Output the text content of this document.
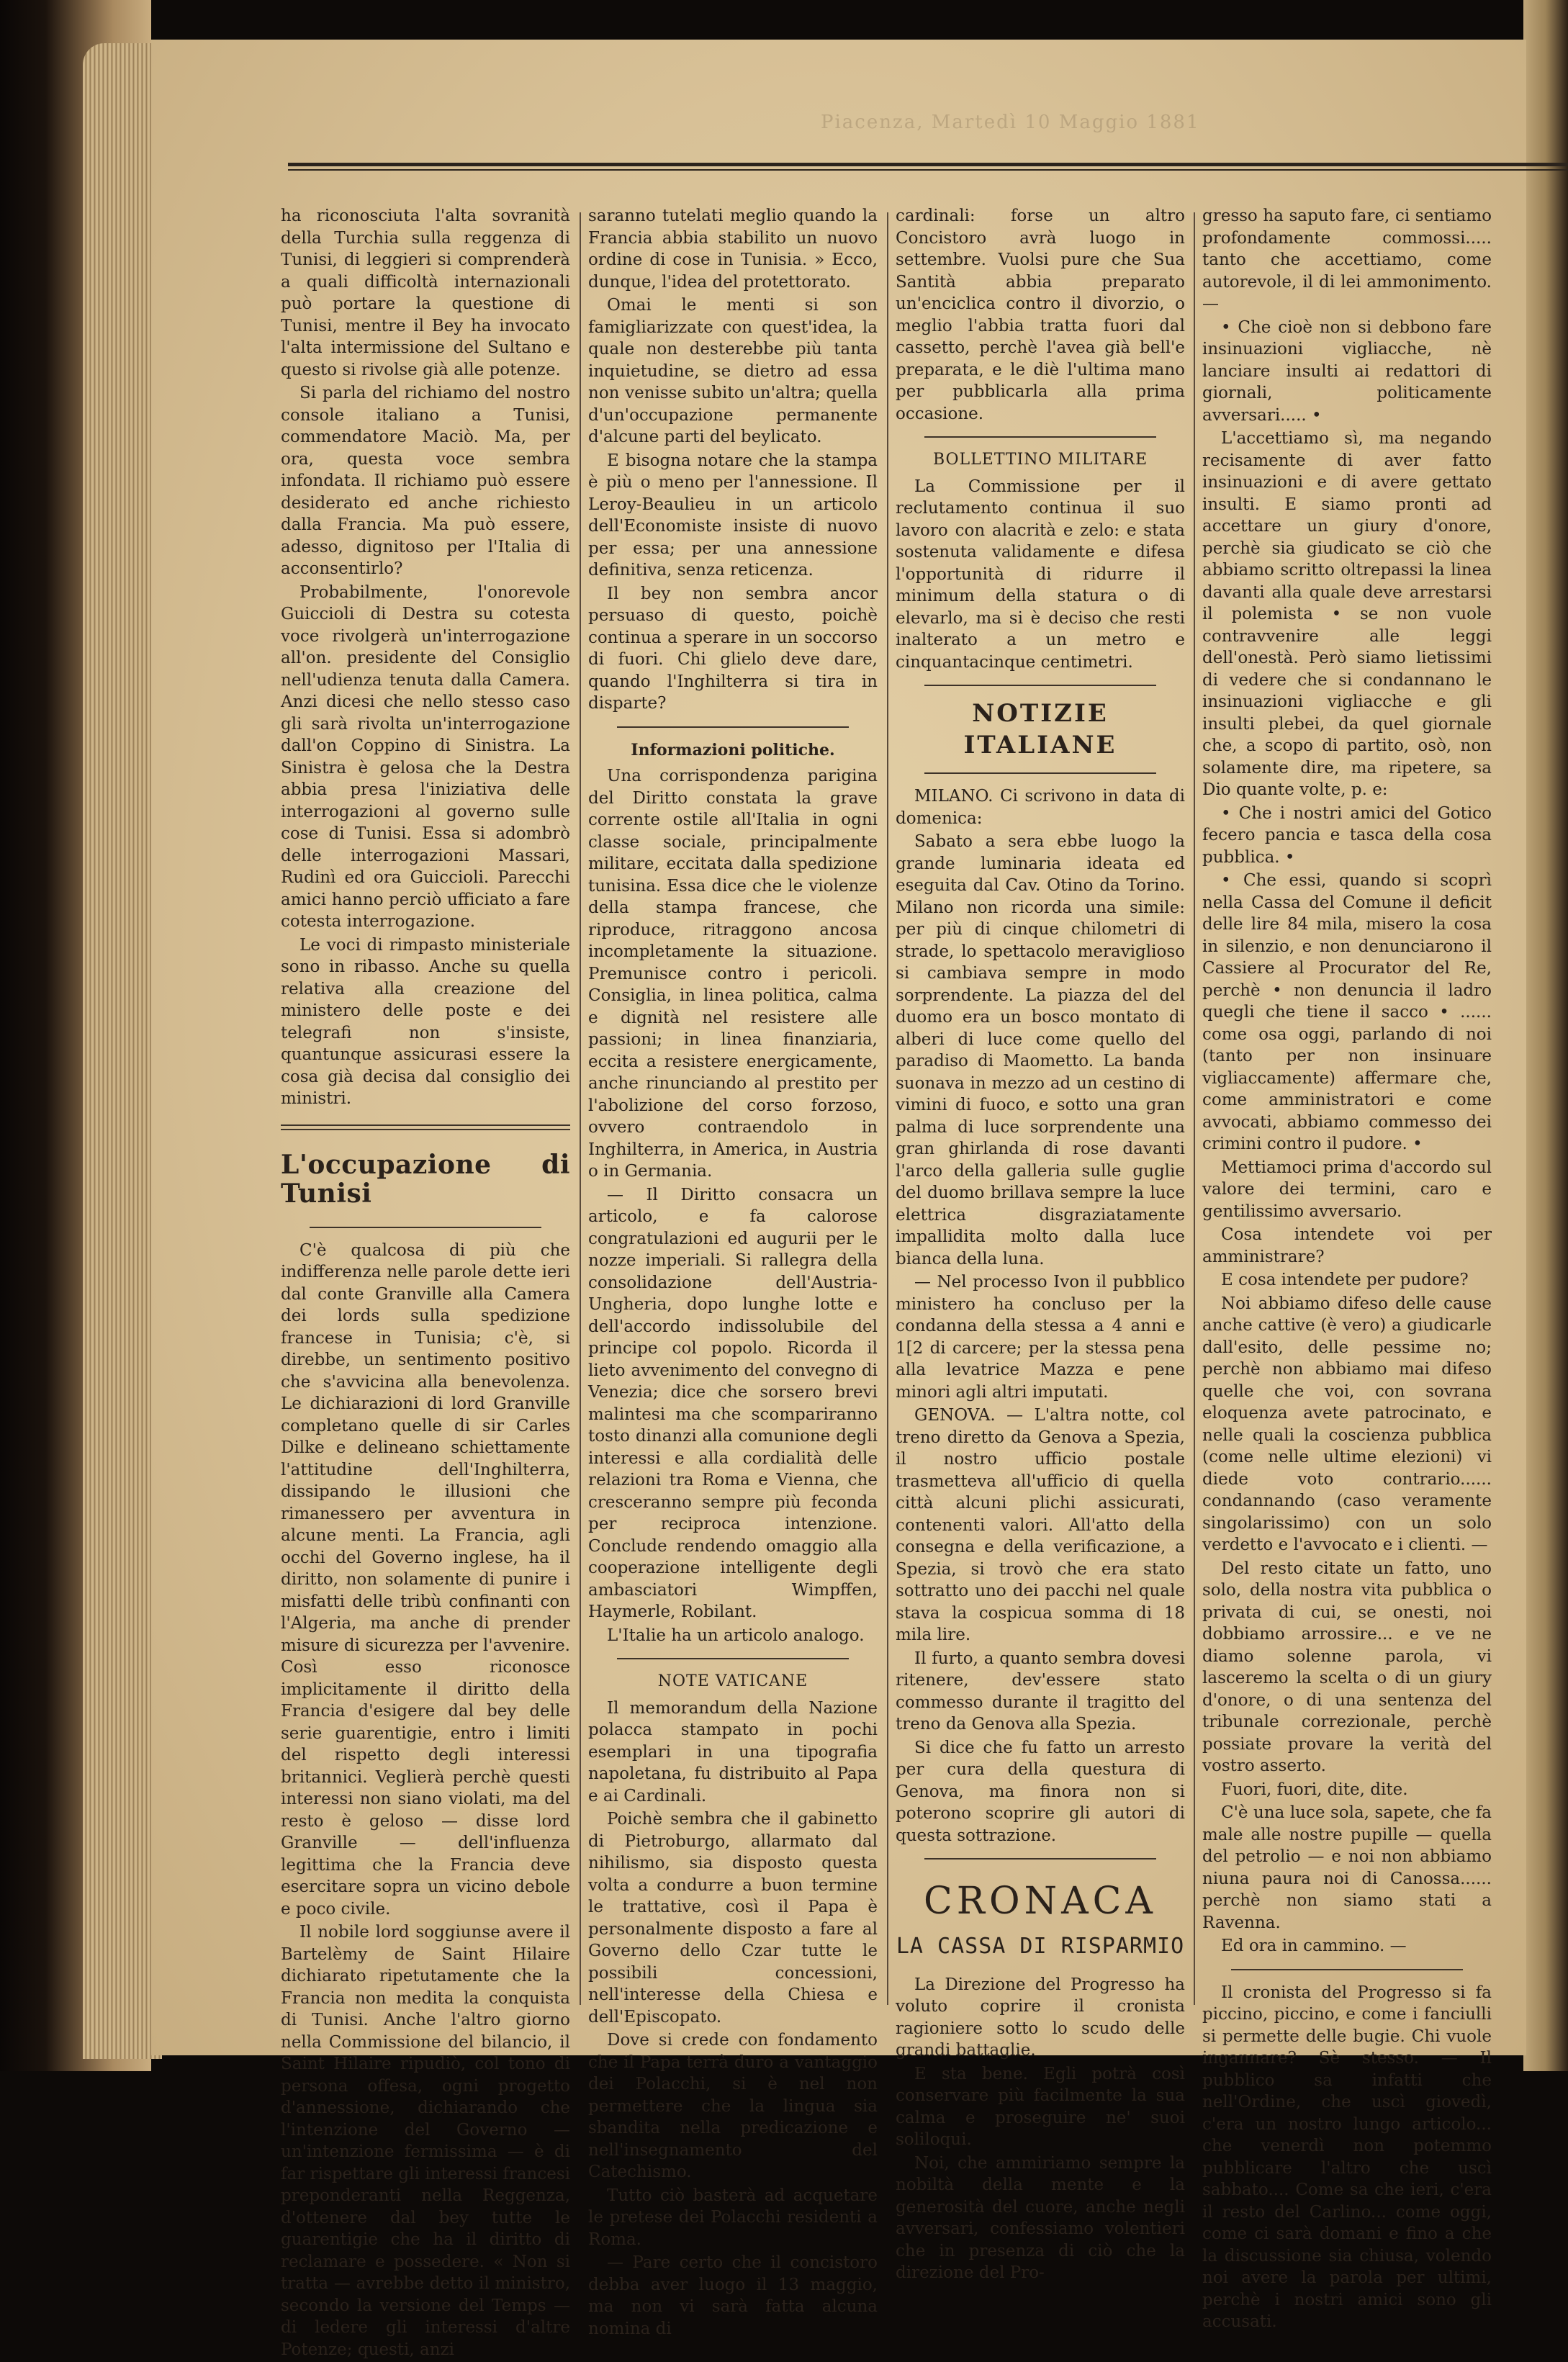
Piacenza, Martedì 10 Maggio 1881

ha riconosciuta l'alta sovranità della Turchia sulla reggenza di Tunisi, di leggieri si comprenderà a quali difficoltà internazionali può portare la questione di Tunisi, mentre il Bey ha invocato l'alta intermissione del Sultano e questo si rivolse già alle potenze.

Si parla del richiamo del nostro console italiano a Tunisi, commendatore Maciò. Ma, per ora, questa voce sembra infondata. Il richiamo può essere desiderato ed anche richiesto dalla Francia. Ma può essere, adesso, dignitoso per l'Italia di acconsentirlo?

Probabilmente, l'onorevole Guiccioli di Destra su cotesta voce rivolgerà un'interrogazione all'on. presidente del Consiglio nell'udienza tenuta dalla Camera. Anzi dicesi che nello stesso caso gli sarà rivolta un'interrogazione dall'on Coppino di Sinistra. La Sinistra è gelosa che la Destra abbia presa l'iniziativa delle interrogazioni al governo sulle cose di Tunisi. Essa si adombrò delle interrogazioni Massari, Rudinì ed ora Guiccioli. Parecchi amici hanno perciò ufficiato a fare cotesta interrogazione.

Le voci di rimpasto ministeriale sono in ribasso. Anche su quella relativa alla creazione del ministero delle poste e dei telegrafi non s'insiste, quantunque assicurasi essere la cosa già decisa dal consiglio dei ministri.

L'occupazione di Tunisi

C'è qualcosa di più che indifferenza nelle parole dette ieri dal conte Granville alla Camera dei lords sulla spedizione francese in Tunisia; c'è, si direbbe, un sentimento positivo che s'avvicina alla benevolenza. Le dichiarazioni di lord Granville completano quelle di sir Carles Dilke e delineano schiettamente l'attitudine dell'Inghilterra, dissipando le illusioni che rimanessero per avventura in alcune menti. La Francia, agli occhi del Governo inglese, ha il diritto, non solamente di punire i misfatti delle tribù confinanti con l'Algeria, ma anche di prender misure di sicurezza per l'avvenire. Così esso riconosce implicitamente il diritto della Francia d'esigere dal bey delle serie guarentigie, entro i limiti del rispetto degli interessi britannici. Veglierà perchè questi interessi non siano violati, ma del resto è geloso — disse lord Granville — dell'influenza legittima che la Francia deve esercitare sopra un vicino debole e poco civile.

Il nobile lord soggiunse avere il Bartelèmy de Saint Hilaire dichiarato ripetutamente che la Francia non medita la conquista di Tunisi. Anche l'altro giorno nella Commissione del bilancio, il Saint Hilaire ripudiò, col tono di persona offesa, ogni progetto d'annessione, dichiarando che l'intenzione del Governo — un'intenzione fermissima — è di far rispettare gli interessi francesi preponderanti nella Reggenza, d'ottenere dal bey tutte le guarentigie che ha il diritto di reclamare e possedere. « Non si tratta — avrebbe detto il ministro, secondo la versione del Temps — di ledere gli interessi d'altre Potenze; questi, anzi

saranno tutelati meglio quando la Francia abbia stabilito un nuovo ordine di cose in Tunisia. » Ecco, dunque, l'idea del protettorato.

Omai le menti si son famigliarizzate con quest'idea, la quale non desterebbe più tanta inquietudine, se dietro ad essa non venisse subito un'altra; quella d'un'occupazione permanente d'alcune parti del beylicato.

E bisogna notare che la stampa è più o meno per l'annessione. Il Leroy-Beaulieu in un articolo dell'Economiste insiste di nuovo per essa; per una annessione definitiva, senza reticenza.

Il bey non sembra ancor persuaso di questo, poichè continua a sperare in un soccorso di fuori. Chi glielo deve dare, quando l'Inghilterra si tira in disparte?

Informazioni politiche.

Una corrispondenza parigina del Diritto constata la grave corrente ostile all'Italia in ogni classe sociale, principalmente militare, eccitata dalla spedizione tunisina. Essa dice che le violenze della stampa francese, che riproduce, ritraggono ancosa incompletamente la situazione. Premunisce contro i pericoli. Consiglia, in linea politica, calma e dignità nel resistere alle passioni; in linea finanziaria, eccita a resistere energicamente, anche rinunciando al prestito per l'abolizione del corso forzoso, ovvero contraendolo in Inghilterra, in America, in Austria o in Germania.

— Il Diritto consacra un articolo, e fa calorose congratulazioni ed augurii per le nozze imperiali. Si rallegra della consolidazione dell'Austria-Ungheria, dopo lunghe lotte e dell'accordo indissolubile del principe col popolo. Ricorda il lieto avvenimento del convegno di Venezia; dice che sorsero brevi malintesi ma che scompariranno tosto dinanzi alla comunione degli interessi e alla cordialità delle relazioni tra Roma e Vienna, che cresceranno sempre più feconda per reciproca intenzione. Conclude rendendo omaggio alla cooperazione intelligente degli ambasciatori Wimpffen, Haymerle, Robilant.

L'Italie ha un articolo analogo.

NOTE VATICANE

Il memorandum della Nazione polacca stampato in pochi esemplari in una tipografia napoletana, fu distribuito al Papa e ai Cardinali.

Poichè sembra che il gabinetto di Pietroburgo, allarmato dal nihilismo, sia disposto questa volta a condurre a buon termine le trattative, così il Papa è personalmente disposto a fare al Governo dello Czar tutte le possibili concessioni, nell'interesse della Chiesa e dell'Episcopato.

Dove si crede con fondamento che il Papa terrà duro a vantaggio dei Polacchi, si è nel non permettere che la lingua sia sbandita nella predicazione e nell'insegnamento del Catechismo.

Tutto ciò basterà ad acquetare le pretese dei Polacchi residenti a Roma.

— Pare certo che il concistoro debba aver luogo il 13 maggio, ma non vi sarà fatta alcuna nomina di

cardinali: forse un altro Concistoro avrà luogo in settembre. Vuolsi pure che Sua Santità abbia preparato un'enciclica contro il divorzio, o meglio l'abbia tratta fuori dal cassetto, perchè l'avea già bell'e preparata, e le diè l'ultima mano per pubblicarla alla prima occasione.

BOLLETTINO MILITARE

La Commissione per il reclutamento continua il suo lavoro con alacrità e zelo: e stata sostenuta validamente e difesa l'opportunità di ridurre il minimum della statura o di elevarlo, ma si è deciso che resti inalterato a un metro e cinquantacinque centimetri.

NOTIZIE ITALIANE

MILANO. Ci scrivono in data di domenica:

Sabato a sera ebbe luogo la grande luminaria ideata ed eseguita dal Cav. Otino da Torino. Milano non ricorda una simile: per più di cinque chilometri di strade, lo spettacolo meraviglioso si cambiava sempre in modo sorprendente. La piazza del del duomo era un bosco montato di alberi di luce come quello del paradiso di Maometto. La banda suonava in mezzo ad un cestino di vimini di fuoco, e sotto una gran palma di luce sorprendente una gran ghirlanda di rose davanti l'arco della galleria sulle guglie del duomo brillava sempre la luce elettrica disgraziatamente impallidita molto dalla luce bianca della luna.

— Nel processo Ivon il pubblico ministero ha concluso per la condanna della stessa a 4 anni e 1[2 di carcere; per la stessa pena alla levatrice Mazza e pene minori agli altri imputati.

GENOVA. — L'altra notte, col treno diretto da Genova a Spezia, il nostro ufficio postale trasmetteva all'ufficio di quella città alcuni plichi assicurati, contenenti valori. All'atto della consegna e della verificazione, a Spezia, si trovò che era stato sottratto uno dei pacchi nel quale stava la cospicua somma di 18 mila lire.

Il furto, a quanto sembra dovesi ritenere, dev'essere stato commesso durante il tragitto del treno da Genova alla Spezia.

Si dice che fu fatto un arresto per cura della questura di Genova, ma finora non si poterono scoprire gli autori di questa sottrazione.

CRONACA
LA CASSA DI RISPARMIO

La Direzione del Progresso ha voluto coprire il cronista ragioniere sotto lo scudo delle grandi battaglie.

E sta bene. Egli potrà così conservare più facilmente la sua calma e proseguire ne' suoi soliloqui.

Noi, che ammiriamo sempre la nobiltà della mente e la generosità del cuore, anche negli avversari, confessiamo volentieri che in presenza di ciò che la direzione del Pro-

gresso ha saputo fare, ci sentiamo profondamente commossi..... tanto che accettiamo, come autorevole, il di lei ammonimento. —

• Che cioè non si debbono fare insinuazioni vigliacche, nè lanciare insulti ai redattori di giornali, politicamente avversari..... •

L'accettiamo sì, ma negando recisamente di aver fatto insinuazioni e di avere gettato insulti. E siamo pronti ad accettare un giury d'onore, perchè sia giudicato se ciò che abbiamo scritto oltrepassi la linea davanti alla quale deve arrestarsi il polemista • se non vuole contravvenire alle leggi dell'onestà. Però siamo lietissimi di vedere che si condannano le insinuazioni vigliacche e gli insulti plebei, da quel giornale che, a scopo di partito, osò, non solamente dire, ma ripetere, sa Dio quante volte, p. e:

• Che i nostri amici del Gotico fecero pancia e tasca della cosa pubblica. •

• Che essi, quando si scoprì nella Cassa del Comune il deficit delle lire 84 mila, misero la cosa in silenzio, e non denunciarono il Cassiere al Procurator del Re, perchè • non denuncia il ladro quegli che tiene il sacco • ...... come osa oggi, parlando di noi (tanto per non insinuare vigliaccamente) affermare che, come amministratori e come avvocati, abbiamo commesso dei crimini contro il pudore. •

Mettiamoci prima d'accordo sul valore dei termini, caro e gentilissimo avversario.

Cosa intendete voi per amministrare?

E cosa intendete per pudore?

Noi abbiamo difeso delle cause anche cattive (è vero) a giudicarle dall'esito, delle pessime no; perchè non abbiamo mai difeso quelle che voi, con sovrana eloquenza avete patrocinato, e nelle quali la coscienza pubblica (come nelle ultime elezioni) vi diede voto contrario...... condannando (caso veramente singolarissimo) con un solo verdetto e l'avvocato e i clienti. —

Del resto citate un fatto, uno solo, della nostra vita pubblica o privata di cui, se onesti, noi dobbiamo arrossire... e ve ne diamo solenne parola, vi lasceremo la scelta o di un giury d'onore, o di una sentenza del tribunale correzionale, perchè possiate provare la verità del vostro asserto.

Fuori, fuori, dite, dite.

C'è una luce sola, sapete, che fa male alle nostre pupille — quella del petrolio — e noi non abbiamo niuna paura noi di Canossa...... perchè non siamo stati a Ravenna.

Ed ora in cammino. —

Il cronista del Progresso si fa piccino, piccino, e come i fanciulli si permette delle bugie. Chi vuole ingannare? Sè stesso. — Il pubblico sa infatti che nell'Ordine, che uscì giovedì, c'era un nostro lungo articolo... che venerdì non potemmo pubblicare l'altro che uscì sabbato.... Come sa che ieri, c'era il resto del Carlino... come oggi, come ci sarà domani e fino a che la discussione sia chiusa, volendo noi avere la parola per ultimi, perchè i nostri amici sono gli accusati.
